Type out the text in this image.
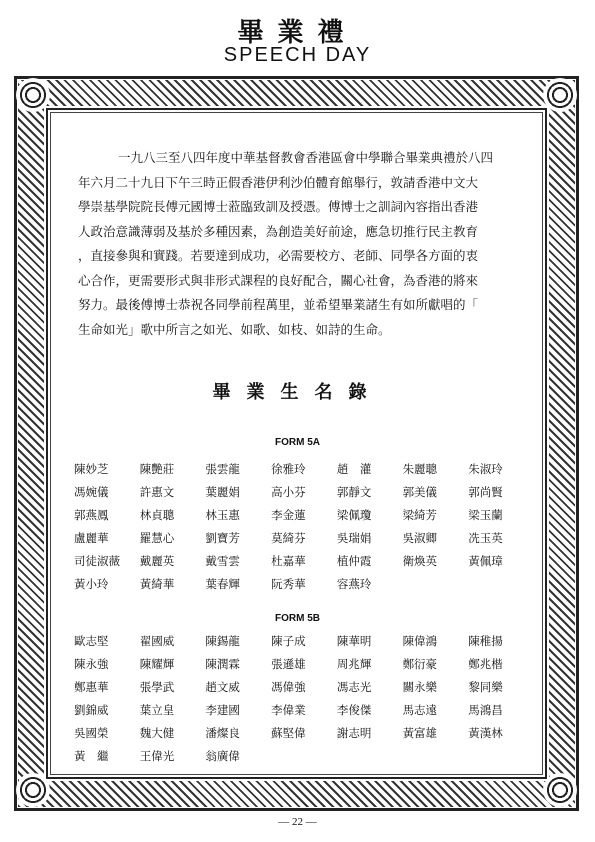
畢業禮
SPEECH DAY

一九八三至八四年度中華基督教會香港區會中學聯合畢業典禮於八四

年六月二十九日下午三時正假香港伊利沙伯體育館舉行，敦請香港中文大

學崇基學院院長傅元國博士蒞臨致訓及授憑。傅博士之訓詞內容指出香港

人政治意識薄弱及基於多種因素，為創造美好前途，應急切推行民主教育

，直接參與和實踐。若要達到成功，必需要校方、老師、同學各方面的衷

心合作，更需要形式與非形式課程的良好配合，關心社會，為香港的將來

努力。最後傅博士恭祝各同學前程萬里，並希望畢業諸生有如所獻唱的「

生命如光」歌中所言之如光、如歌、如枝、如詩的生命。

畢業生名錄
FORM 5A
陳妙芝	陳艷莊	張雲龍	徐雅玲	趙　灌	朱麗聰	朱淑玲
馮婉儀	許惠文	葉麗娟	高小芬	郭靜文	郭美儀	郭尚賢
郭燕鳳	林貞聰	林玉惠	李金蓮	梁佩瓊	梁綺芳	梁玉蘭
盧麗華	羅慧心	劉寶芳	莫綺芬	吳瑞娟	吳淑卿	冼玉英
司徒淑薇	戴麗英	戴雪雲	杜嘉華	植仲霞	衛煥英	黃佩璋
黃小玲	黃綺華	葉春輝	阮秀華	容燕玲
FORM 5B
歐志堅	翟國威	陳錫龍	陳子成	陳華明	陳偉鴻	陳稚揚
陳永強	陳耀輝	陳潤霖	張遜雄	周兆輝	鄭衍豪	鄭兆楷
鄭惠華	張學武	趙文威	馮偉強	馮志光	關永樂	黎同樂
劉錦威	葉立皇	李建國	李偉業	李俊傑	馬志遠	馬鴻昌
吳國榮	魏大健	潘燦良	蘇堅偉	謝志明	黃富雄	黃漢林
黃　繼	王偉光	翁廣偉
— 22 —
